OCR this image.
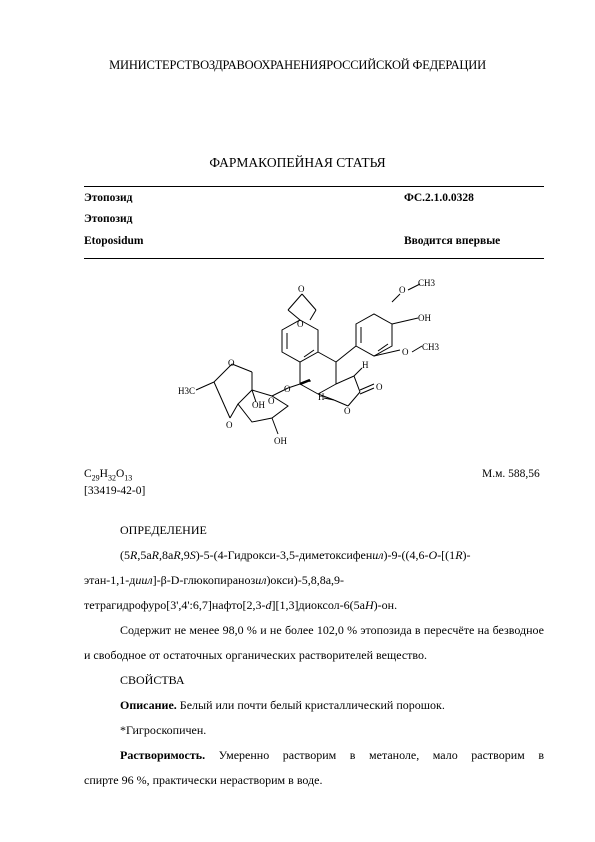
МИНИСТЕРСТВОЗДРАВООХРАНЕНИЯРОССИЙСКОЙ ФЕДЕРАЦИИ
ФАРМАКОПЕЙНАЯ СТАТЬЯ
Этопозид	ФС.2.1.0.0328
Этопозид
Etoposidum	Вводится впервые
O
O
O
CH3
OH
O CH3
H3C
O
O
O
O
OH
OH
H
H
O
O
$C_{29}H_{32}O_{13}$
[33419-42-0]
М.м. 588,56

ОПРЕДЕЛЕНИЕ

(5R,5aR,8aR,9S)-5-(4-Гидрокси-3,5-диметоксифенил)-9-((4,6-O-[(1R)-

этан-1,1-диил]-β-D-глюкопиранозил)окси)-5,8,8a,9-

тетрагидрофуро[3',4':6,7]нафто[2,3-d][1,3]диоксол-6(5aH)-он.

Содержит не менее 98,0 % и не более 102,0 % этопозида в пересчёте на безводное и свободное от остаточных органических растворителей вещество.

СВОЙСТВА

Описание. Белый или почти белый кристаллический порошок.

*Гигроскопичен.

Растворимость. Умеренно растворим в метаноле, мало растворим в

спирте 96 %, практически нерастворим в воде.
